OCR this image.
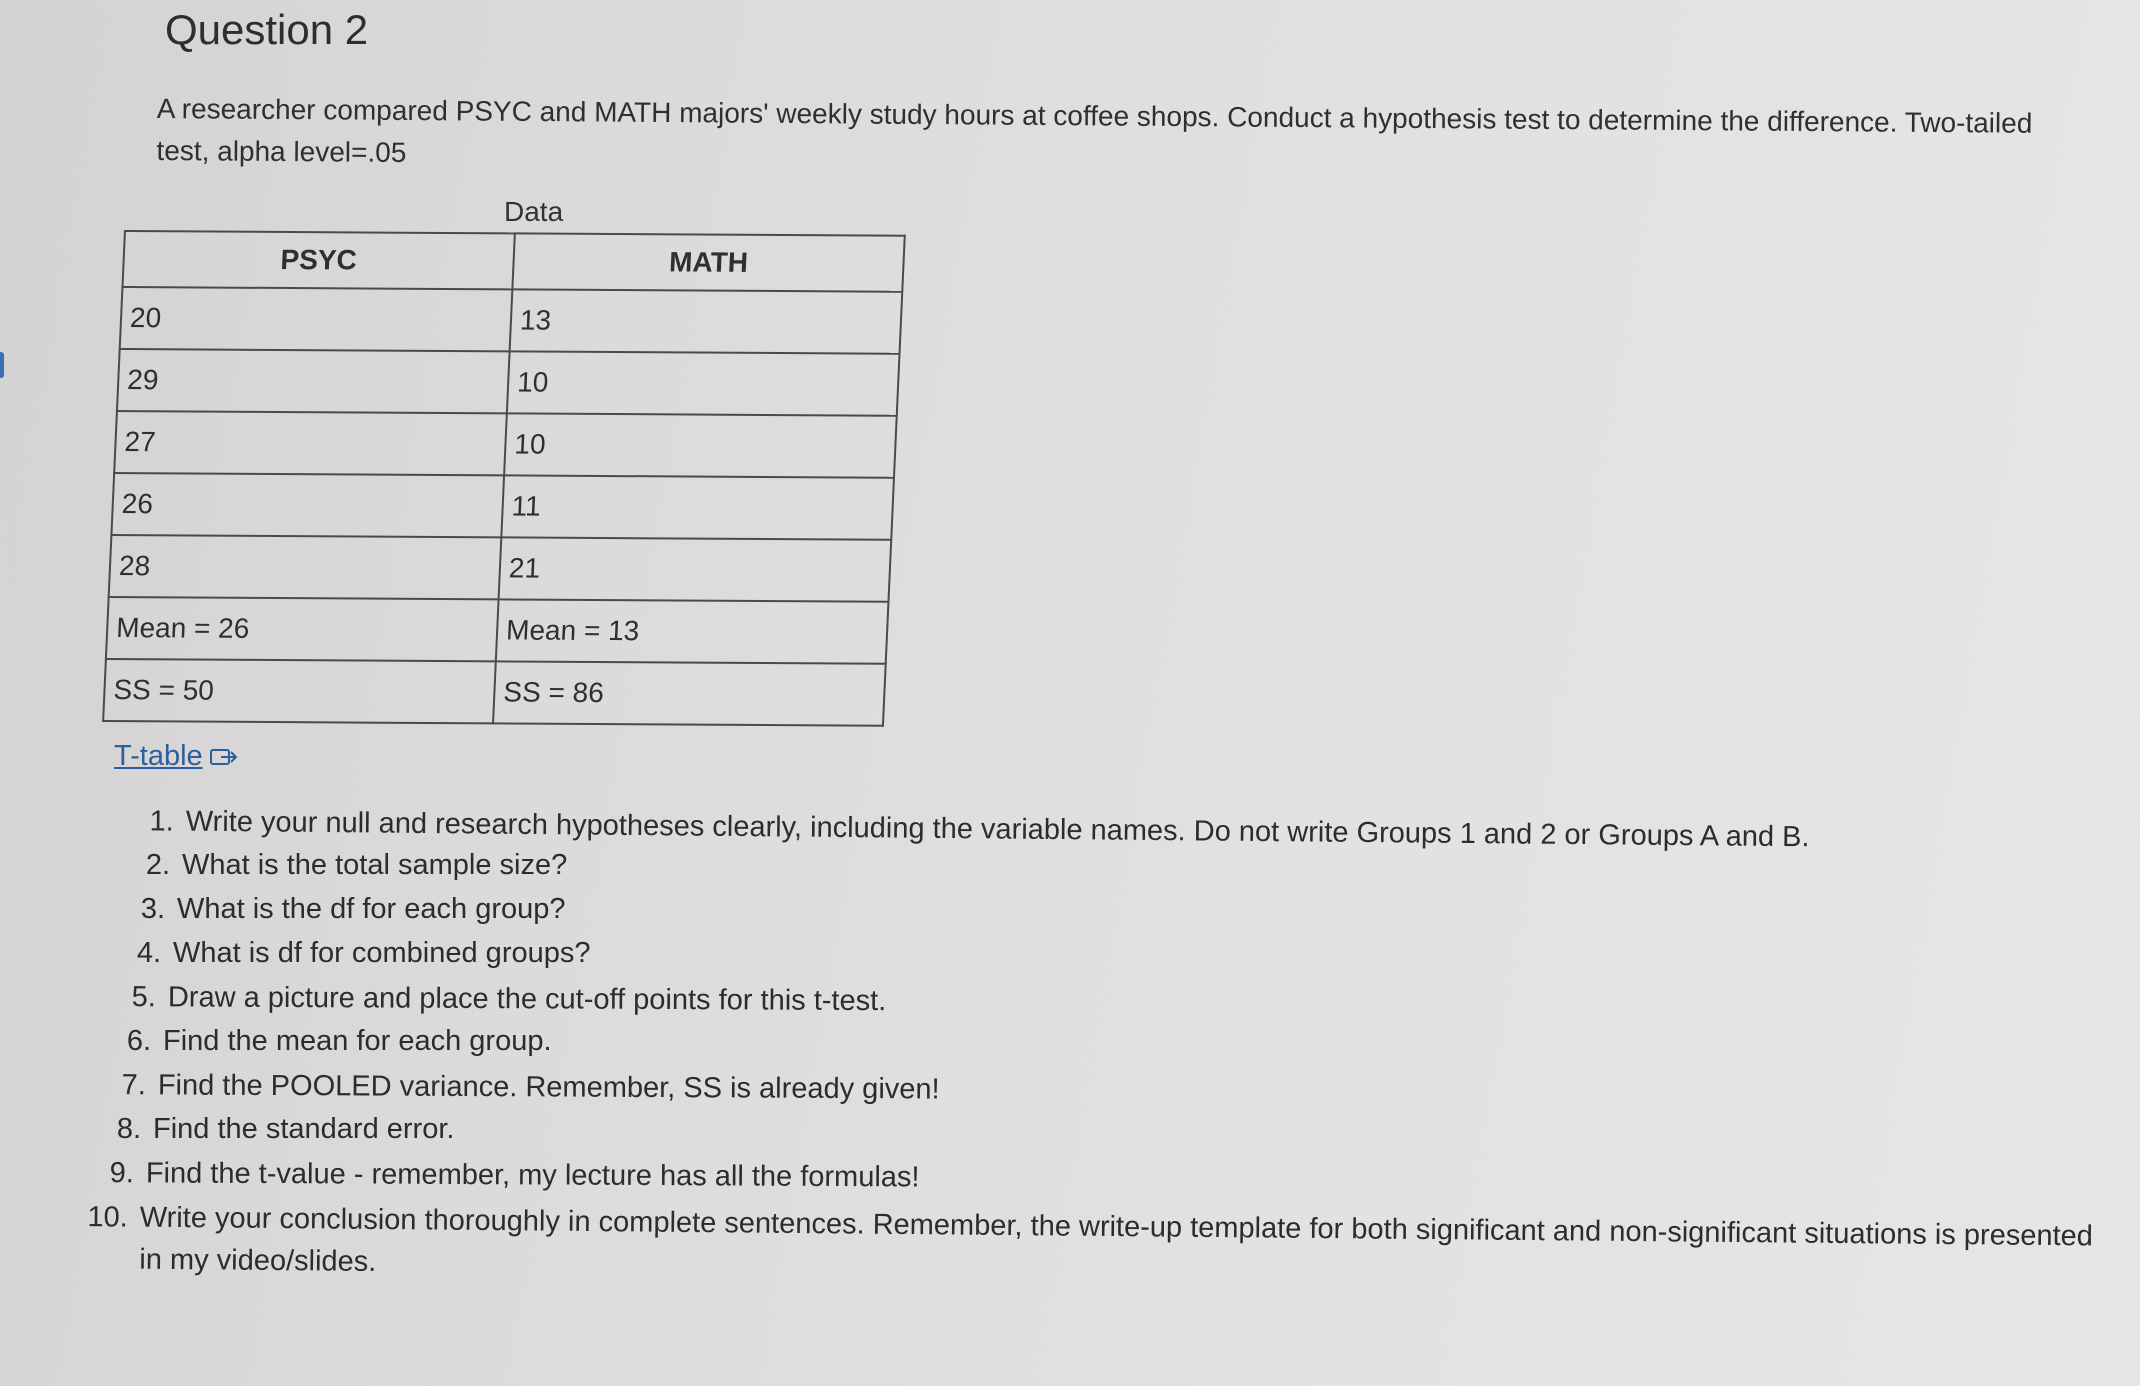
Question 2
A researcher compared PSYC and MATH majors' weekly study hours at coffee shops. Conduct a hypothesis test to determine the difference. Two-tailed test, alpha level=.05
Data
PSYC	MATH
20	13
29	10
27	10
26	11
28	21
Mean = 26	Mean = 13
SS = 50	SS = 86
T-table
1. Write your null and research hypotheses clearly, including the variable names. Do not write Groups 1 and 2 or Groups A and B.
2. What is the total sample size?
3. What is the df for each group?
4. What is df for combined groups?
5. Draw a picture and place the cut-off points for this t-test.
6. Find the mean for each group.
7. Find the POOLED variance. Remember, SS is already given!
8. Find the standard error.
9. Find the t-value - remember, my lecture has all the formulas!
10. Write your conclusion thoroughly in complete sentences. Remember, the write-up template for both significant and non-significant situations is presented in my video/slides.
